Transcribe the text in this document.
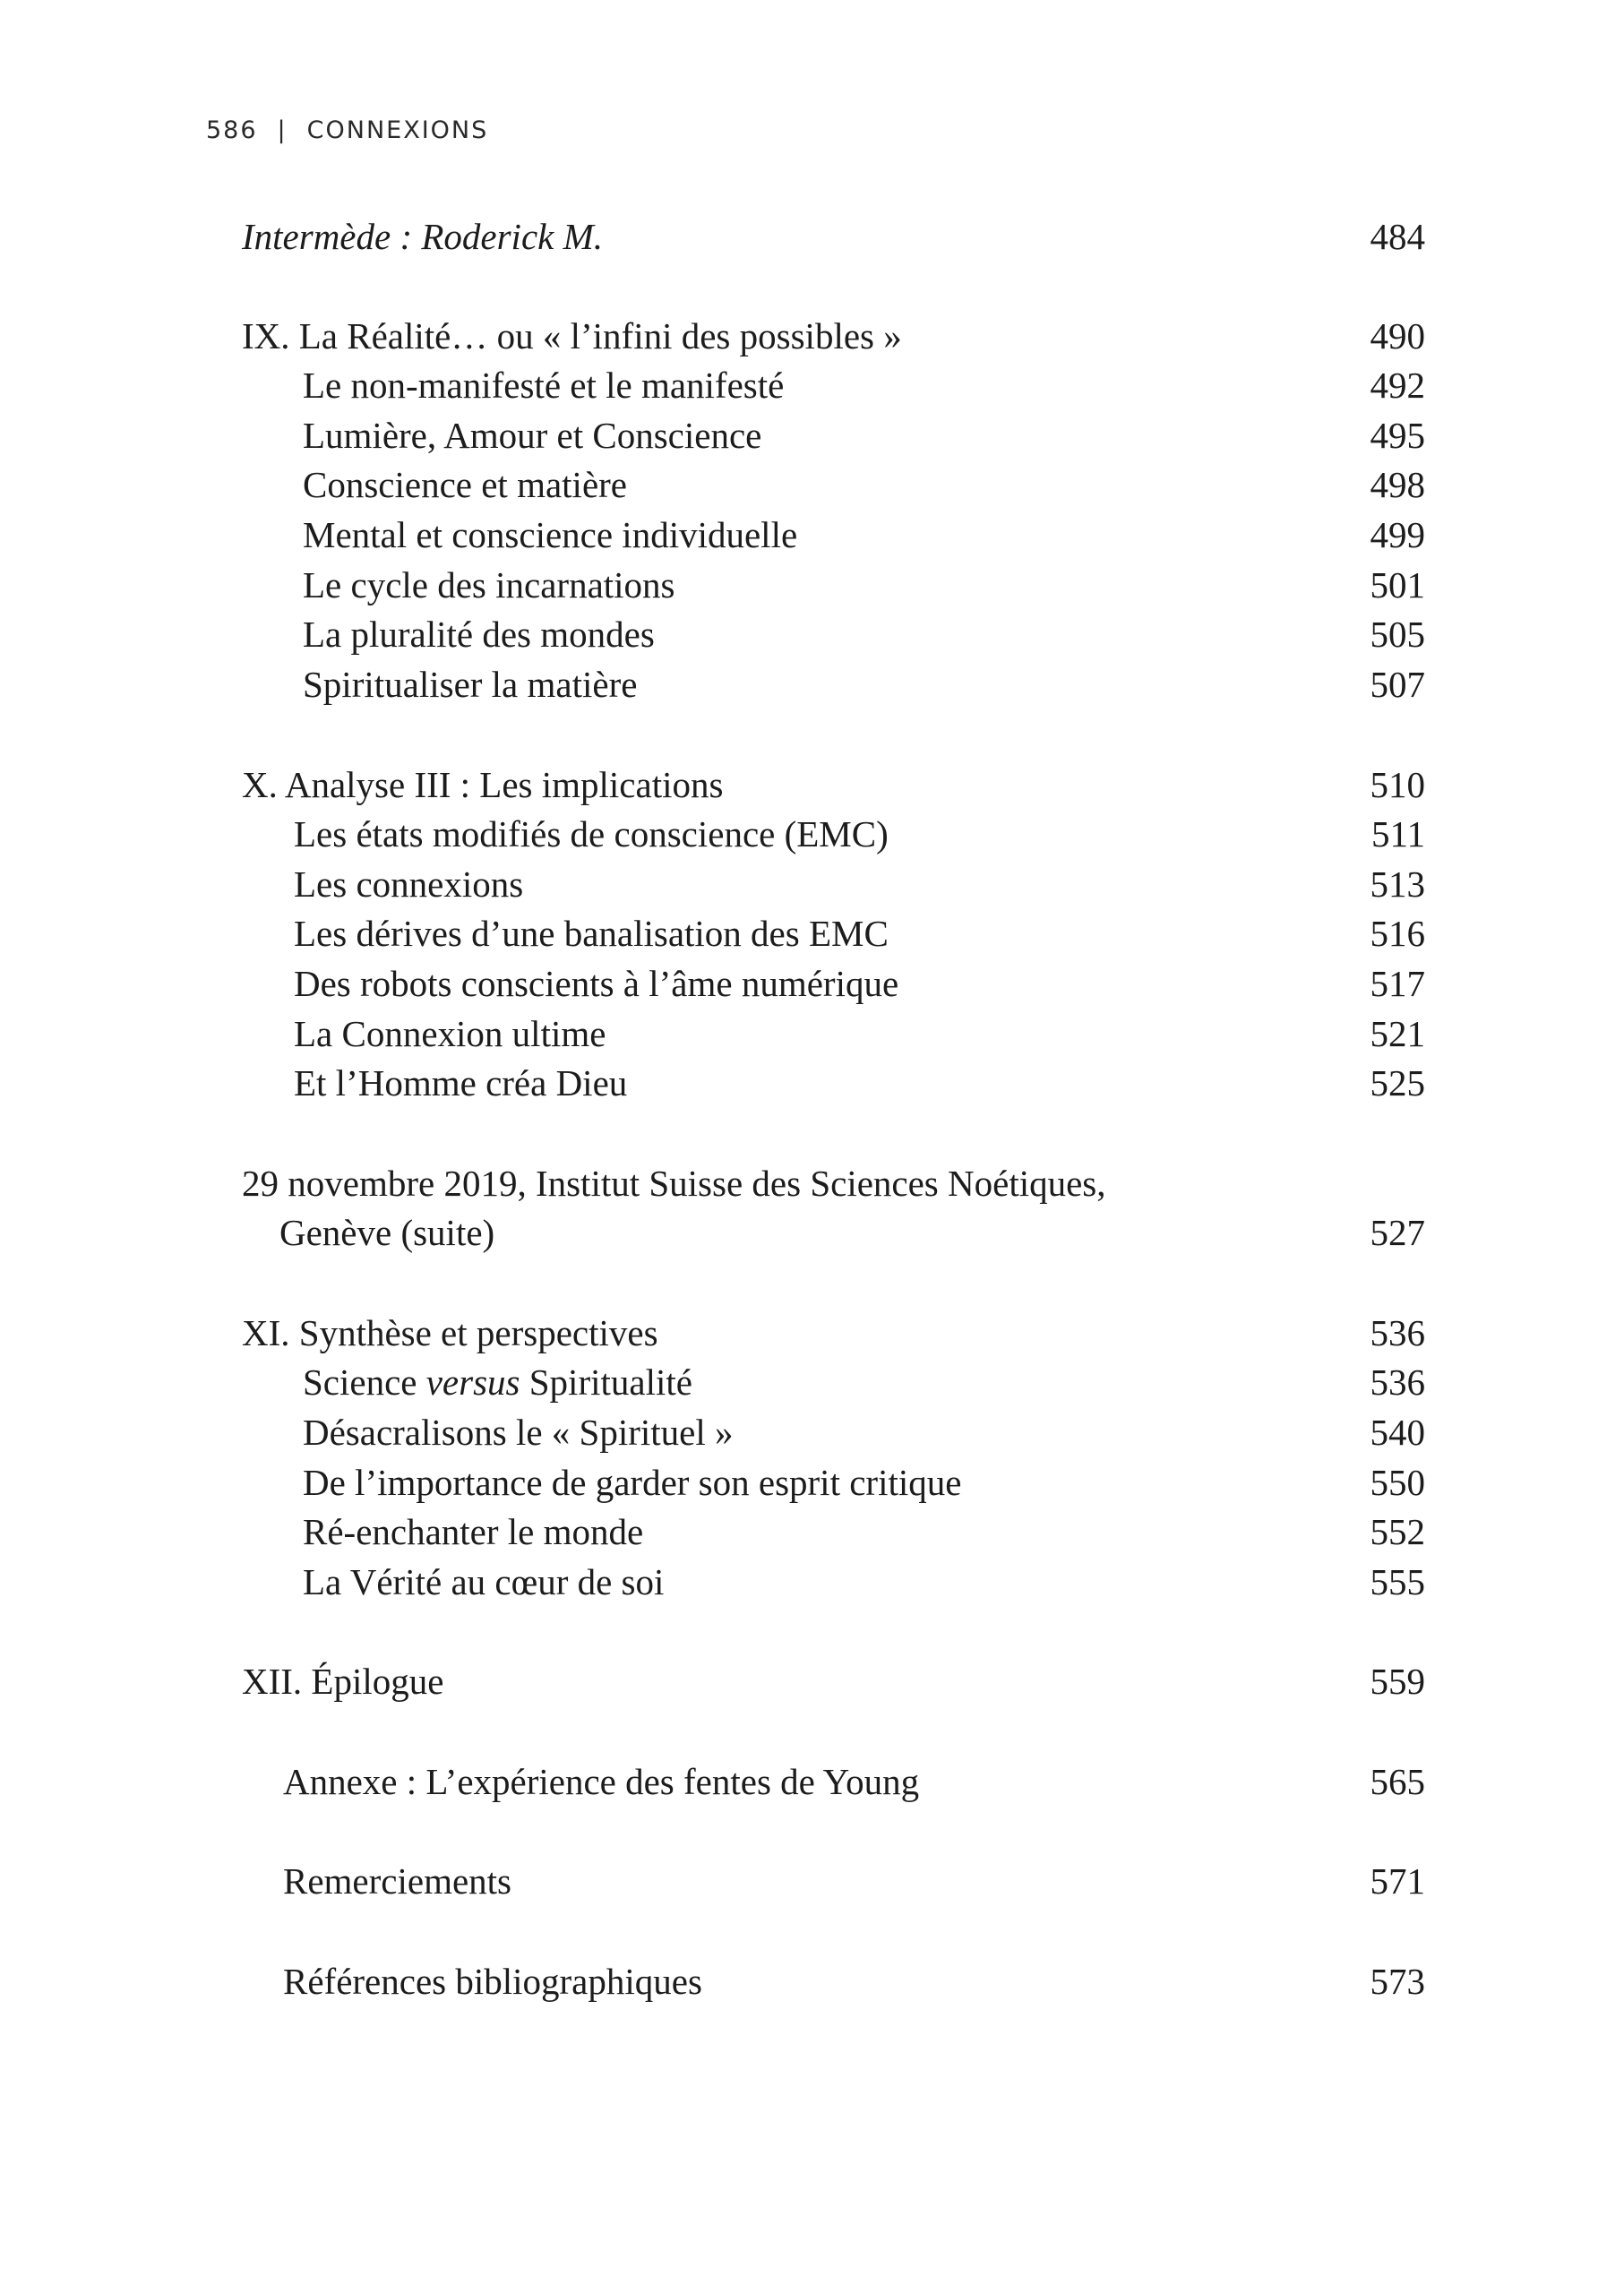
586 | CONNEXIONS
Intermède : Roderick M.	484
IX. La Réalité… ou « l’infini des possibles »	490
Le non-manifesté et le manifesté	492
Lumière, Amour et Conscience	495
Conscience et matière	498
Mental et conscience individuelle	499
Le cycle des incarnations	501
La pluralité des mondes	505
Spiritualiser la matière	507
X. Analyse III : Les implications	510
Les états modifiés de conscience (EMC)	511
Les connexions	513
Les dérives d’une banalisation des EMC	516
Des robots conscients à l’âme numérique	517
La Connexion ultime	521
Et l’Homme créa Dieu	525
29 novembre 2019, Institut Suisse des Sciences Noétiques,
Genève (suite)	527
XI. Synthèse et perspectives	536
Science versus Spiritualité	536
Désacralisons le « Spirituel »	540
De l’importance de garder son esprit critique	550
Ré-enchanter le monde	552
La Vérité au cœur de soi	555
XII. Épilogue	559
Annexe : L’expérience des fentes de Young	565
Remerciements	571
Références bibliographiques	573
